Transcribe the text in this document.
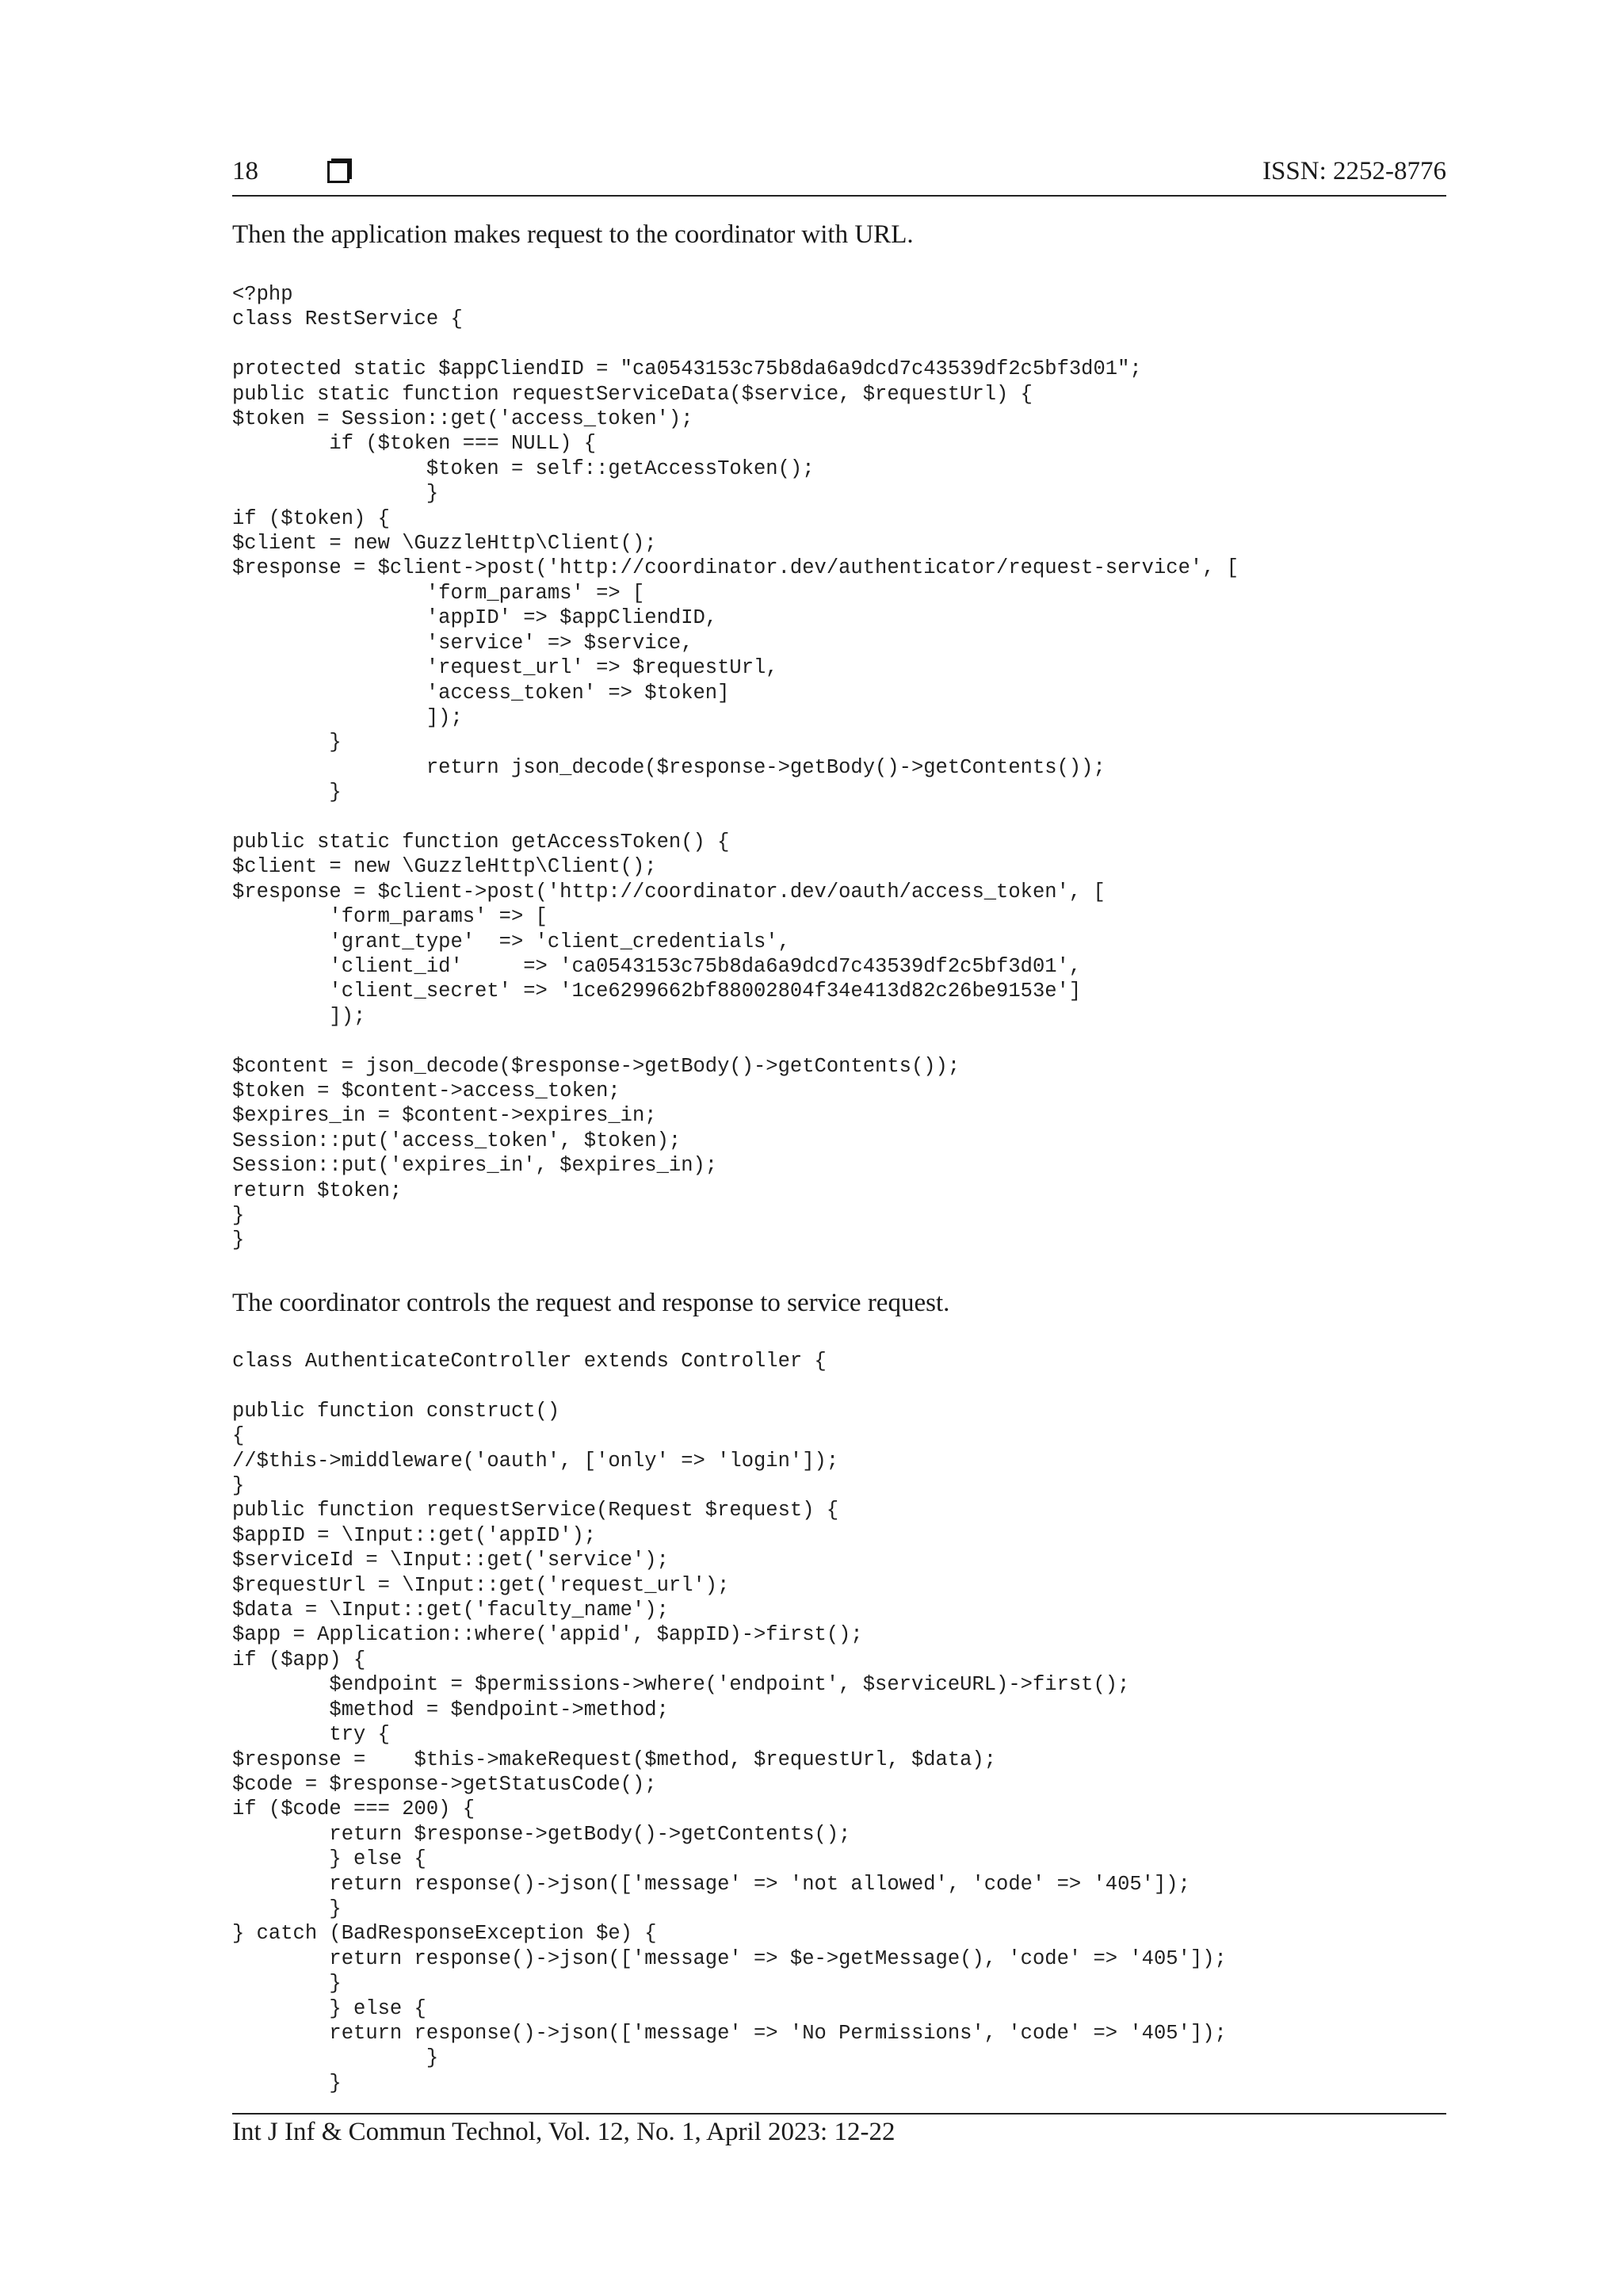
18	ISSN: 2252-8776

Then the application makes request to the coordinator with URL.

<?php
class RestService {

protected static $appCliendID = "ca0543153c75b8da6a9dcd7c43539df2c5bf3d01";
public static function requestServiceData($service, $requestUrl) {
$token = Session::get('access_token');
if ($token === NULL) {
$token = self::getAccessToken();
}
if ($token) {
$client = new \GuzzleHttp\Client();
$response = $client->post('http://coordinator.dev/authenticator/request-service', [
'form_params' => [
'appID' => $appCliendID,
'service' => $service,
'request_url' => $requestUrl,
'access_token' => $token]
]);
}
return json_decode($response->getBody()->getContents());
}

public static function getAccessToken() {
$client = new \GuzzleHttp\Client();
$response = $client->post('http://coordinator.dev/oauth/access_token', [
'form_params' => [
'grant_type'  => 'client_credentials',
'client_id'     => 'ca0543153c75b8da6a9dcd7c43539df2c5bf3d01',
'client_secret' => '1ce6299662bf88002804f34e413d82c26be9153e']
]);

$content = json_decode($response->getBody()->getContents());
$token = $content->access_token;
$expires_in = $content->expires_in;
Session::put('access_token', $token);
Session::put('expires_in', $expires_in);
return $token;
}
}

The coordinator controls the request and response to service request.

class AuthenticateController extends Controller {

public function construct()
{
//$this->middleware('oauth', ['only' => 'login']);
}
public function requestService(Request $request) {
$appID = \Input::get('appID');
$serviceId = \Input::get('service');
$requestUrl = \Input::get('request_url');
$data = \Input::get('faculty_name');
$app = Application::where('appid', $appID)->first();
if ($app) {
$endpoint = $permissions->where('endpoint', $serviceURL)->first();
$method = $endpoint->method;
try {
$response =    $this->makeRequest($method, $requestUrl, $data);
$code = $response->getStatusCode();
if ($code === 200) {
return $response->getBody()->getContents();
} else {
return response()->json(['message' => 'not allowed', 'code' => '405']);
}
} catch (BadResponseException $e) {
return response()->json(['message' => $e->getMessage(), 'code' => '405']);
}
} else {
return response()->json(['message' => 'No Permissions', 'code' => '405']);
}
}
Int J Inf & Commun Technol, Vol. 12, No. 1, April 2023: 12-22
